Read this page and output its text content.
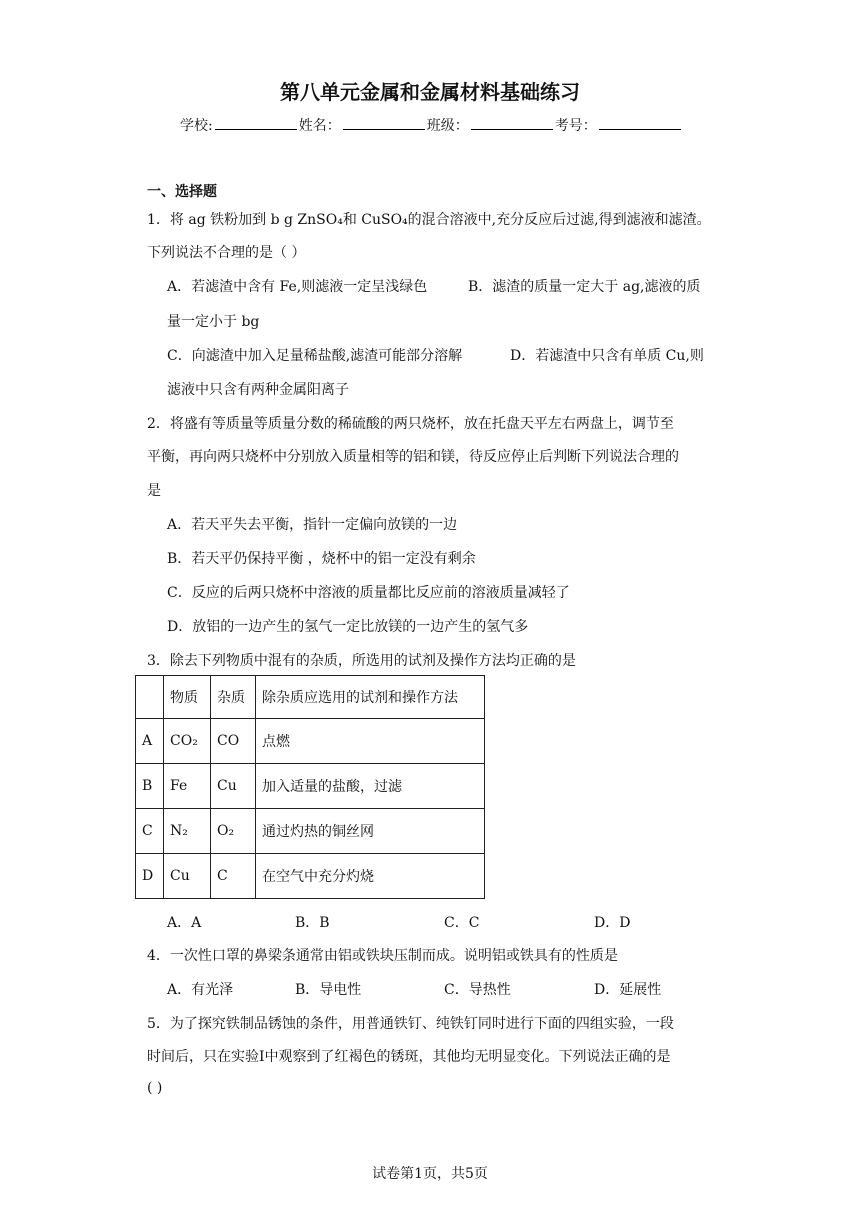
第八单元金属和金属材料基础练习
学校:	姓名：	班级：	考号：
一、选择题
1．将 ag 铁粉加到 b g ZnSO₄和 CuSO₄的混合溶液中,充分反应后过滤,得到滤液和滤渣。
下列说法不合理的是（ ）
A．若滤渣中含有 Fe,则滤液一定呈浅绿色	B．滤渣的质量一定大于 ag,滤液的质
量一定小于 bg
C．向滤渣中加入足量稀盐酸,滤渣可能部分溶解	D．若滤渣中只含有单质 Cu,则
滤液中只含有两种金属阳离子
2．将盛有等质量等质量分数的稀硫酸的两只烧杯，放在托盘天平左右两盘上，调节至
平衡，再向两只烧杯中分别放入质量相等的铝和镁，待反应停止后判断下列说法合理的
是
A．若天平失去平衡，指针一定偏向放镁的一边
B．若天平仍保持平衡 ，烧杯中的铝一定没有剩余
C．反应的后两只烧杯中溶液的质量都比反应前的溶液质量减轻了
D．放铝的一边产生的氢气一定比放镁的一边产生的氢气多
3．除去下列物质中混有的杂质，所选用的试剂及操作方法均正确的是
	物质	杂质	除杂质应选用的试剂和操作方法
A	CO₂	CO	点燃
B	Fe	Cu	加入适量的盐酸，过滤
C	N₂	O₂	通过灼热的铜丝网
D	Cu	C	在空气中充分灼烧
A．A	B．B	C．C	D．D
4．一次性口罩的鼻梁条通常由铝或铁块压制而成。说明铝或铁具有的性质是
A．有光泽	B．导电性	C．导热性	D．延展性
5．为了探究铁制品锈蚀的条件，用普通铁钉、纯铁钉同时进行下面的四组实验，一段
时间后，只在实验Ⅰ中观察到了红褐色的锈斑，其他均无明显变化。下列说法正确的是
( )
试卷第1页，共5页
